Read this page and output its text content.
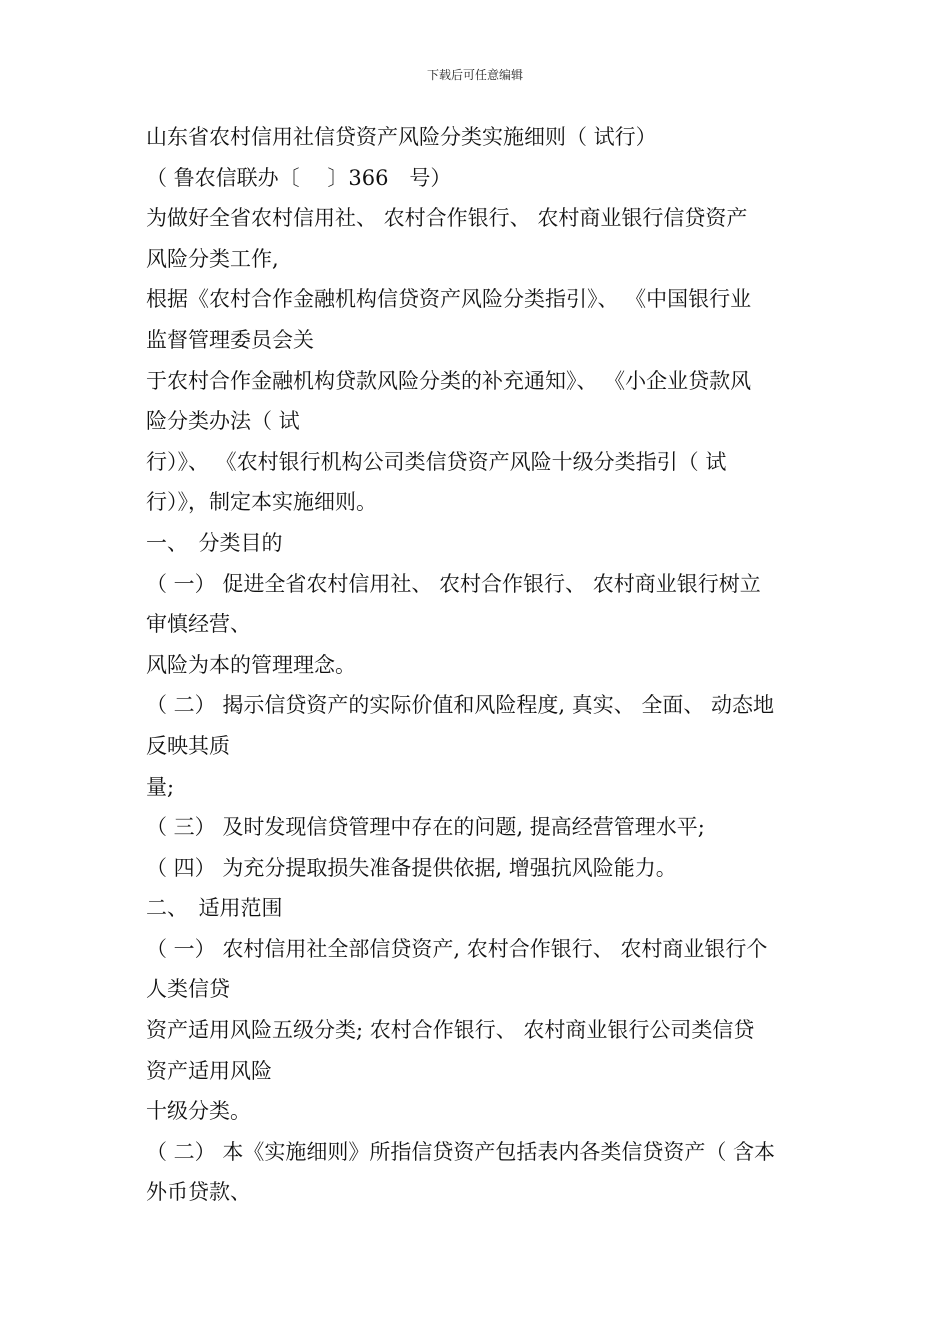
下载后可任意编辑
山东省农村信用社信贷资产风险分类实施细则（ 试行）
（ 鲁农信联办〔　 〕366　号）
为做好全省农村信用社、 农村合作银行、 农村商业银行信贷资产
风险分类工作,
根据《农村合作金融机构信贷资产风险分类指引》、 《中国银行业
监督管理委员会关
于农村合作金融机构贷款风险分类的补充通知》、 《小企业贷款风
险分类办法（ 试
行）》、 《农村银行机构公司类信贷资产风险十级分类指引（ 试
行）》，制定本实施细则。
一、　分类目的
（ 一） 促进全省农村信用社、 农村合作银行、 农村商业银行树立
审慎经营、
风险为本的管理理念。
（ 二） 揭示信贷资产的实际价值和风险程度, 真实、 全面、 动态地
反映其质
量;
（ 三） 及时发现信贷管理中存在的问题, 提高经营管理水平;
（ 四） 为充分提取损失准备提供依据, 增强抗风险能力。
二、　适用范围
（ 一） 农村信用社全部信贷资产, 农村合作银行、 农村商业银行个
人类信贷
资产适用风险五级分类; 农村合作银行、 农村商业银行公司类信贷
资产适用风险
十级分类。
（ 二） 本《实施细则》所指信贷资产包括表内各类信贷资产（ 含本
外币贷款、
